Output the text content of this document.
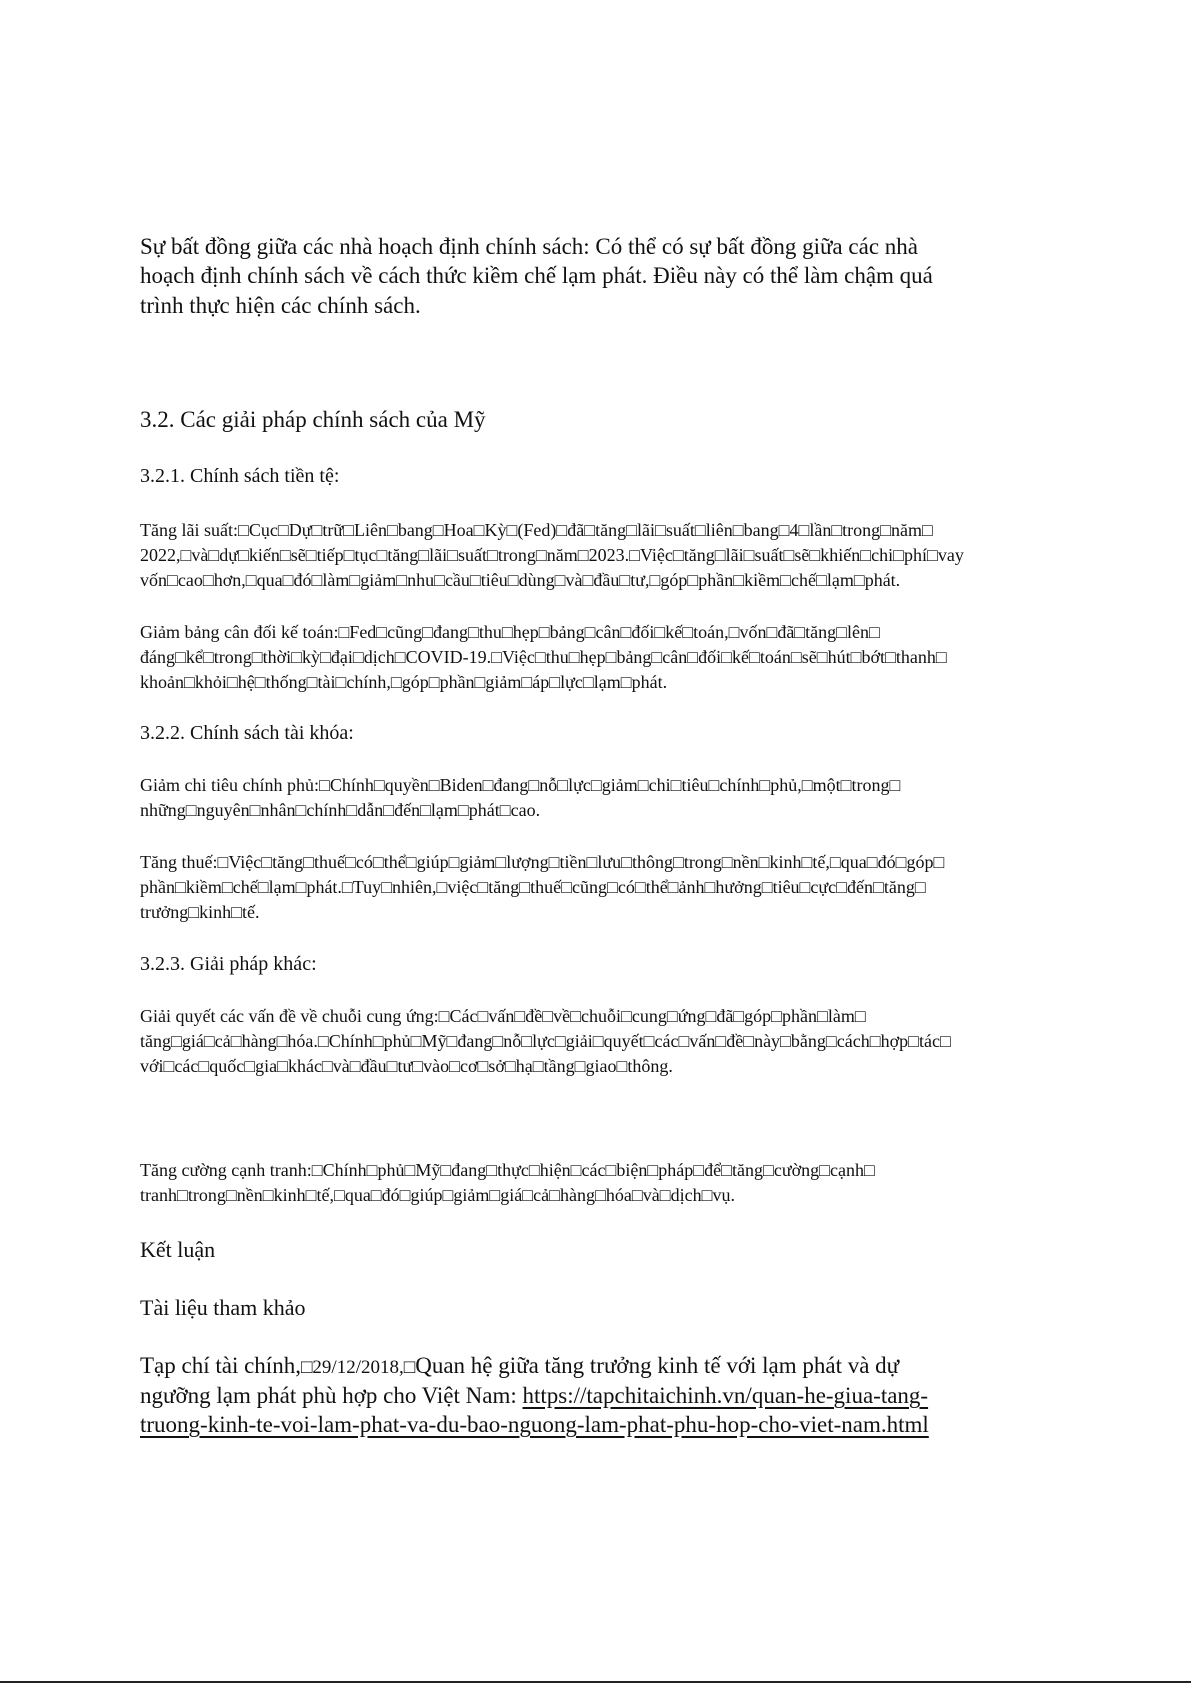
Sự bất đồng giữa các nhà hoạch định chính sách: Có thể có sự bất đồng giữa các nhà
hoạch định chính sách về cách thức kiềm chế lạm phát. Điều này có thể làm chậm quá
trình thực hiện các chính sách.
3.2. Các giải pháp chính sách của Mỹ
3.2.1. Chính sách tiền tệ:
Tăng lãi suất:□Cục□Dự□trữ□Liên□bang□Hoa□Kỳ□(Fed)□đã□tăng□lãi□suất□liên□bang□4□lần□trong□năm□
2022,□và□dự□kiến□sẽ□tiếp□tục□tăng□lãi□suất□trong□năm□2023.□Việc□tăng□lãi□suất□sẽ□khiến□chi□phí□vay
vốn□cao□hơn,□qua□đó□làm□giảm□nhu□cầu□tiêu□dùng□và□đầu□tư,□góp□phần□kiềm□chế□lạm□phát.
Giảm bảng cân đối kế toán:□Fed□cũng□đang□thu□hẹp□bảng□cân□đối□kế□toán,□vốn□đã□tăng□lên□
đáng□kể□trong□thời□kỳ□đại□dịch□COVID-19.□Việc□thu□hẹp□bảng□cân□đối□kế□toán□sẽ□hút□bớt□thanh□
khoản□khỏi□hệ□thống□tài□chính,□góp□phần□giảm□áp□lực□lạm□phát.
3.2.2. Chính sách tài khóa:
Giảm chi tiêu chính phủ:□Chính□quyền□Biden□đang□nỗ□lực□giảm□chi□tiêu□chính□phủ,□một□trong□
những□nguyên□nhân□chính□dẫn□đến□lạm□phát□cao.
Tăng thuế:□Việc□tăng□thuế□có□thể□giúp□giảm□lượng□tiền□lưu□thông□trong□nền□kinh□tế,□qua□đó□góp□
phần□kiềm□chế□lạm□phát.□Tuy□nhiên,□việc□tăng□thuế□cũng□có□thể□ảnh□hưởng□tiêu□cực□đến□tăng□
trưởng□kinh□tế.
3.2.3. Giải pháp khác:
Giải quyết các vấn đề về chuỗi cung ứng:□Các□vấn□đề□về□chuỗi□cung□ứng□đã□góp□phần□làm□
tăng□giá□cả□hàng□hóa.□Chính□phủ□Mỹ□đang□nỗ□lực□giải□quyết□các□vấn□đề□này□bằng□cách□hợp□tác□
với□các□quốc□gia□khác□và□đầu□tư□vào□cơ□sở□hạ□tầng□giao□thông.
Tăng cường cạnh tranh:□Chính□phủ□Mỹ□đang□thực□hiện□các□biện□pháp□để□tăng□cường□cạnh□
tranh□trong□nền□kinh□tế,□qua□đó□giúp□giảm□giá□cả□hàng□hóa□và□dịch□vụ.
Kết luận
Tài liệu tham khảo
Tạp chí tài chính,□29/12/2018,□Quan hệ giữa tăng trưởng kinh tế với lạm phát và dự
ngưỡng lạm phát phù hợp cho Việt Nam: https://tapchitaichinh.vn/quan-he-giua-tang-
truong-kinh-te-voi-lam-phat-va-du-bao-nguong-lam-phat-phu-hop-cho-viet-nam.html
